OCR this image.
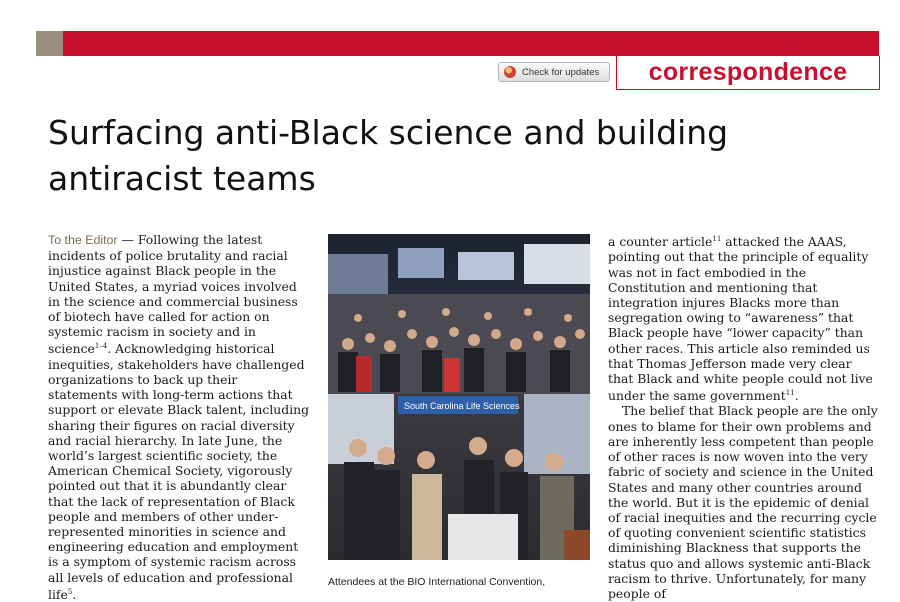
Check for updates	correspondence
Surfacing anti-Black science and building
antiracist teams

To the Editor — Following the latest incidents of police brutality and racial injustice against Black people in the United States, a myriad voices involved in the science and commercial business of biotech have called for action on systemic racism in society and in science$^{1-4}$. Acknowledging historical inequities, stakeholders have challenged organizations to back up their statements with long-term actions that support or elevate Black talent, including sharing their figures on racial diversity and racial hierarchy. In late June, the world’s largest scientific society, the American Chemical Society, vigorously pointed out that it is abundantly clear that the lack of representation of Black people and members of other under-represented minorities in science and engineering education and employment is a symptom of systemic racism across all levels of education and professional life$^5$.

South Carolina Life Sciences
Attendees at the BIO International Convention,

a counter article$^{11}$ attacked the AAAS, pointing out that the principle of equality was not in fact embodied in the Constitution and mentioning that integration injures Blacks more than segregation owing to “awareness” that Black people have “lower capacity” than other races. This article also reminded us that Thomas Jefferson made very clear that Black and white people could not live under the same government$^{11}$.

The belief that Black people are the only ones to blame for their own problems and are inherently less competent than people of other races is now woven into the very fabric of society and science in the United States and many other countries around the world. But it is the epidemic of denial of racial inequities and the recurring cycle of quoting convenient scientific statistics diminishing Blackness that supports the status quo and allows systemic anti-Black racism to thrive. Unfortunately, for many people of
